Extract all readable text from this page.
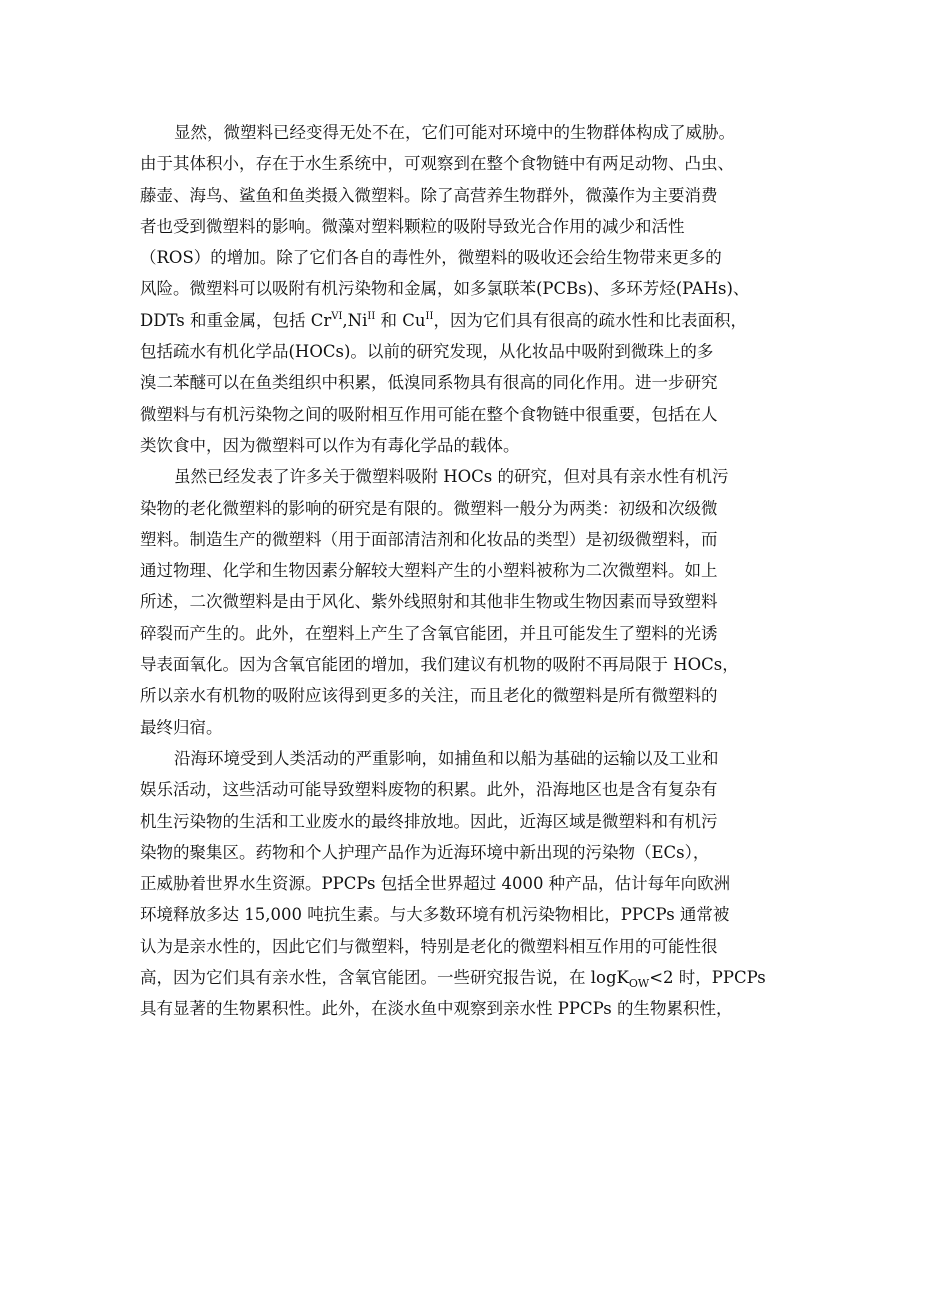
显然，微塑料已经变得无处不在，它们可能对环境中的生物群体构成了威胁。
由于其体积小，存在于水生系统中，可观察到在整个食物链中有两足动物、凸虫、
藤壶、海鸟、鲨鱼和鱼类摄入微塑料。除了高营养生物群外，微藻作为主要消费
者也受到微塑料的影响。微藻对塑料颗粒的吸附导致光合作用的减少和活性
（ROS）的增加。除了它们各自的毒性外，微塑料的吸收还会给生物带来更多的
风险。微塑料可以吸附有机污染物和金属，如多氯联苯(PCBs)、多环芳烃(PAHs)、
DDTs 和重金属，包括 $Cr^{VI},Ni^{II}$ 和 $Cu^{II}$，因为它们具有很高的疏水性和比表面积，
包括疏水有机化学品(HOCs)。以前的研究发现，从化妆品中吸附到微珠上的多
溴二苯醚可以在鱼类组织中积累，低溴同系物具有很高的同化作用。进一步研究
微塑料与有机污染物之间的吸附相互作用可能在整个食物链中很重要，包括在人
类饮食中，因为微塑料可以作为有毒化学品的载体。
虽然已经发表了许多关于微塑料吸附 HOCs 的研究，但对具有亲水性有机污
染物的老化微塑料的影响的研究是有限的。微塑料一般分为两类：初级和次级微
塑料。制造生产的微塑料（用于面部清洁剂和化妆品的类型）是初级微塑料，而
通过物理、化学和生物因素分解较大塑料产生的小塑料被称为二次微塑料。如上
所述，二次微塑料是由于风化、紫外线照射和其他非生物或生物因素而导致塑料
碎裂而产生的。此外，在塑料上产生了含氧官能团，并且可能发生了塑料的光诱
导表面氧化。因为含氧官能团的增加，我们建议有机物的吸附不再局限于 HOCs，
所以亲水有机物的吸附应该得到更多的关注，而且老化的微塑料是所有微塑料的
最终归宿。
沿海环境受到人类活动的严重影响，如捕鱼和以船为基础的运输以及工业和
娱乐活动，这些活动可能导致塑料废物的积累。此外，沿海地区也是含有复杂有
机生污染物的生活和工业废水的最终排放地。因此，近海区域是微塑料和有机污
染物的聚集区。药物和个人护理产品作为近海环境中新出现的污染物（ECs），
正威胁着世界水生资源。PPCPs 包括全世界超过 4000 种产品，估计每年向欧洲
环境释放多达 15,000 吨抗生素。与大多数环境有机污染物相比，PPCPs 通常被
认为是亲水性的，因此它们与微塑料，特别是老化的微塑料相互作用的可能性很
高，因为它们具有亲水性，含氧官能团。一些研究报告说，在 logK$_{OW}$<2 时，PPCPs
具有显著的生物累积性。此外，在淡水鱼中观察到亲水性 PPCPs 的生物累积性，
